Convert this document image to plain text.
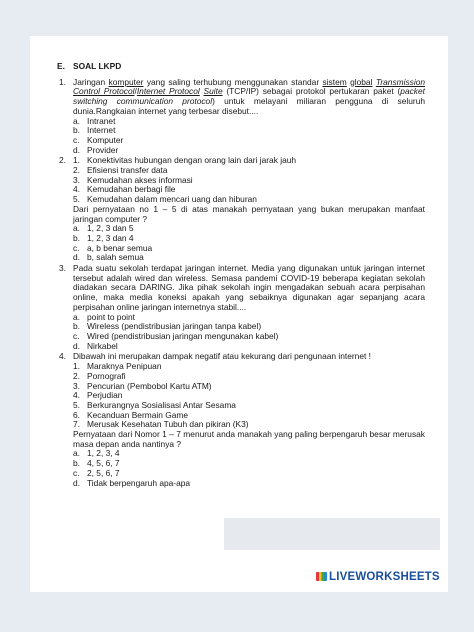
E. SOAL LKPD
1. Jaringan komputer yang saling terhubung menggunakan standar sistem global Transmission Control Protocol/Internet Protocol Suite (TCP/IP) sebagai protokol pertukaran paket (packet switching communication protocol) untuk melayani miliaran pengguna di seluruh dunia.Rangkaian internet yang terbesar disebut....
a. Intranet
b. Internet
c. Komputer
d. Provider
2. 1. Konektivitas hubungan dengan orang lain dari jarak jauh
2. Efisiensi transfer data
3. Kemudahan akses informasi
4. Kemudahan berbagi file
5. Kemudahan dalam mencari uang dan hiburan
Dari pernyataan no 1 – 5 di atas manakah pernyataan yang bukan merupakan manfaat jaringan computer ?
a. 1, 2, 3 dan 5
b. 1, 2, 3 dan 4
c. a, b benar semua
d. b, salah semua
3. Pada suatu sekolah terdapat jaringan internet. Media yang digunakan untuk jaringan internet tersebut adalah wired dan wireless. Semasa pandemi COVID-19 beberapa kegiatan sekolah diadakan secara DARING. Jika pihak sekolah ingin mengadakan sebuah acara perpisahan online, maka media koneksi apakah yang sebaiknya digunakan agar sepanjang acara perpisahan online jaringan internetnya stabil....
a. point to point
b. Wireless (pendistribusian jaringan tanpa kabel)
c. Wired (pendistribusian jaringan mengunakan kabel)
d. Nirkabel
4. Dibawah ini merupakan dampak negatif atau kekurang dari pengunaan internet !
1. Maraknya Penipuan
2. Pornografi
3. Pencurian (Pembobol Kartu ATM)
4. Perjudian
5. Berkurangnya Sosialisasi Antar Sesama
6. Kecanduan Bermain Game
7. Merusak Kesehatan Tubuh dan pikiran (K3)
Pernyataan dari Nomor 1 – 7 menurut anda manakah yang paling berpengaruh besar merusak masa depan anda nantinya ?
a. 1, 2, 3, 4
b. 4, 5, 6, 7
c. 2, 5, 6, 7
d. Tidak berpengaruh apa-apa
LIVEWORKSHEETS
